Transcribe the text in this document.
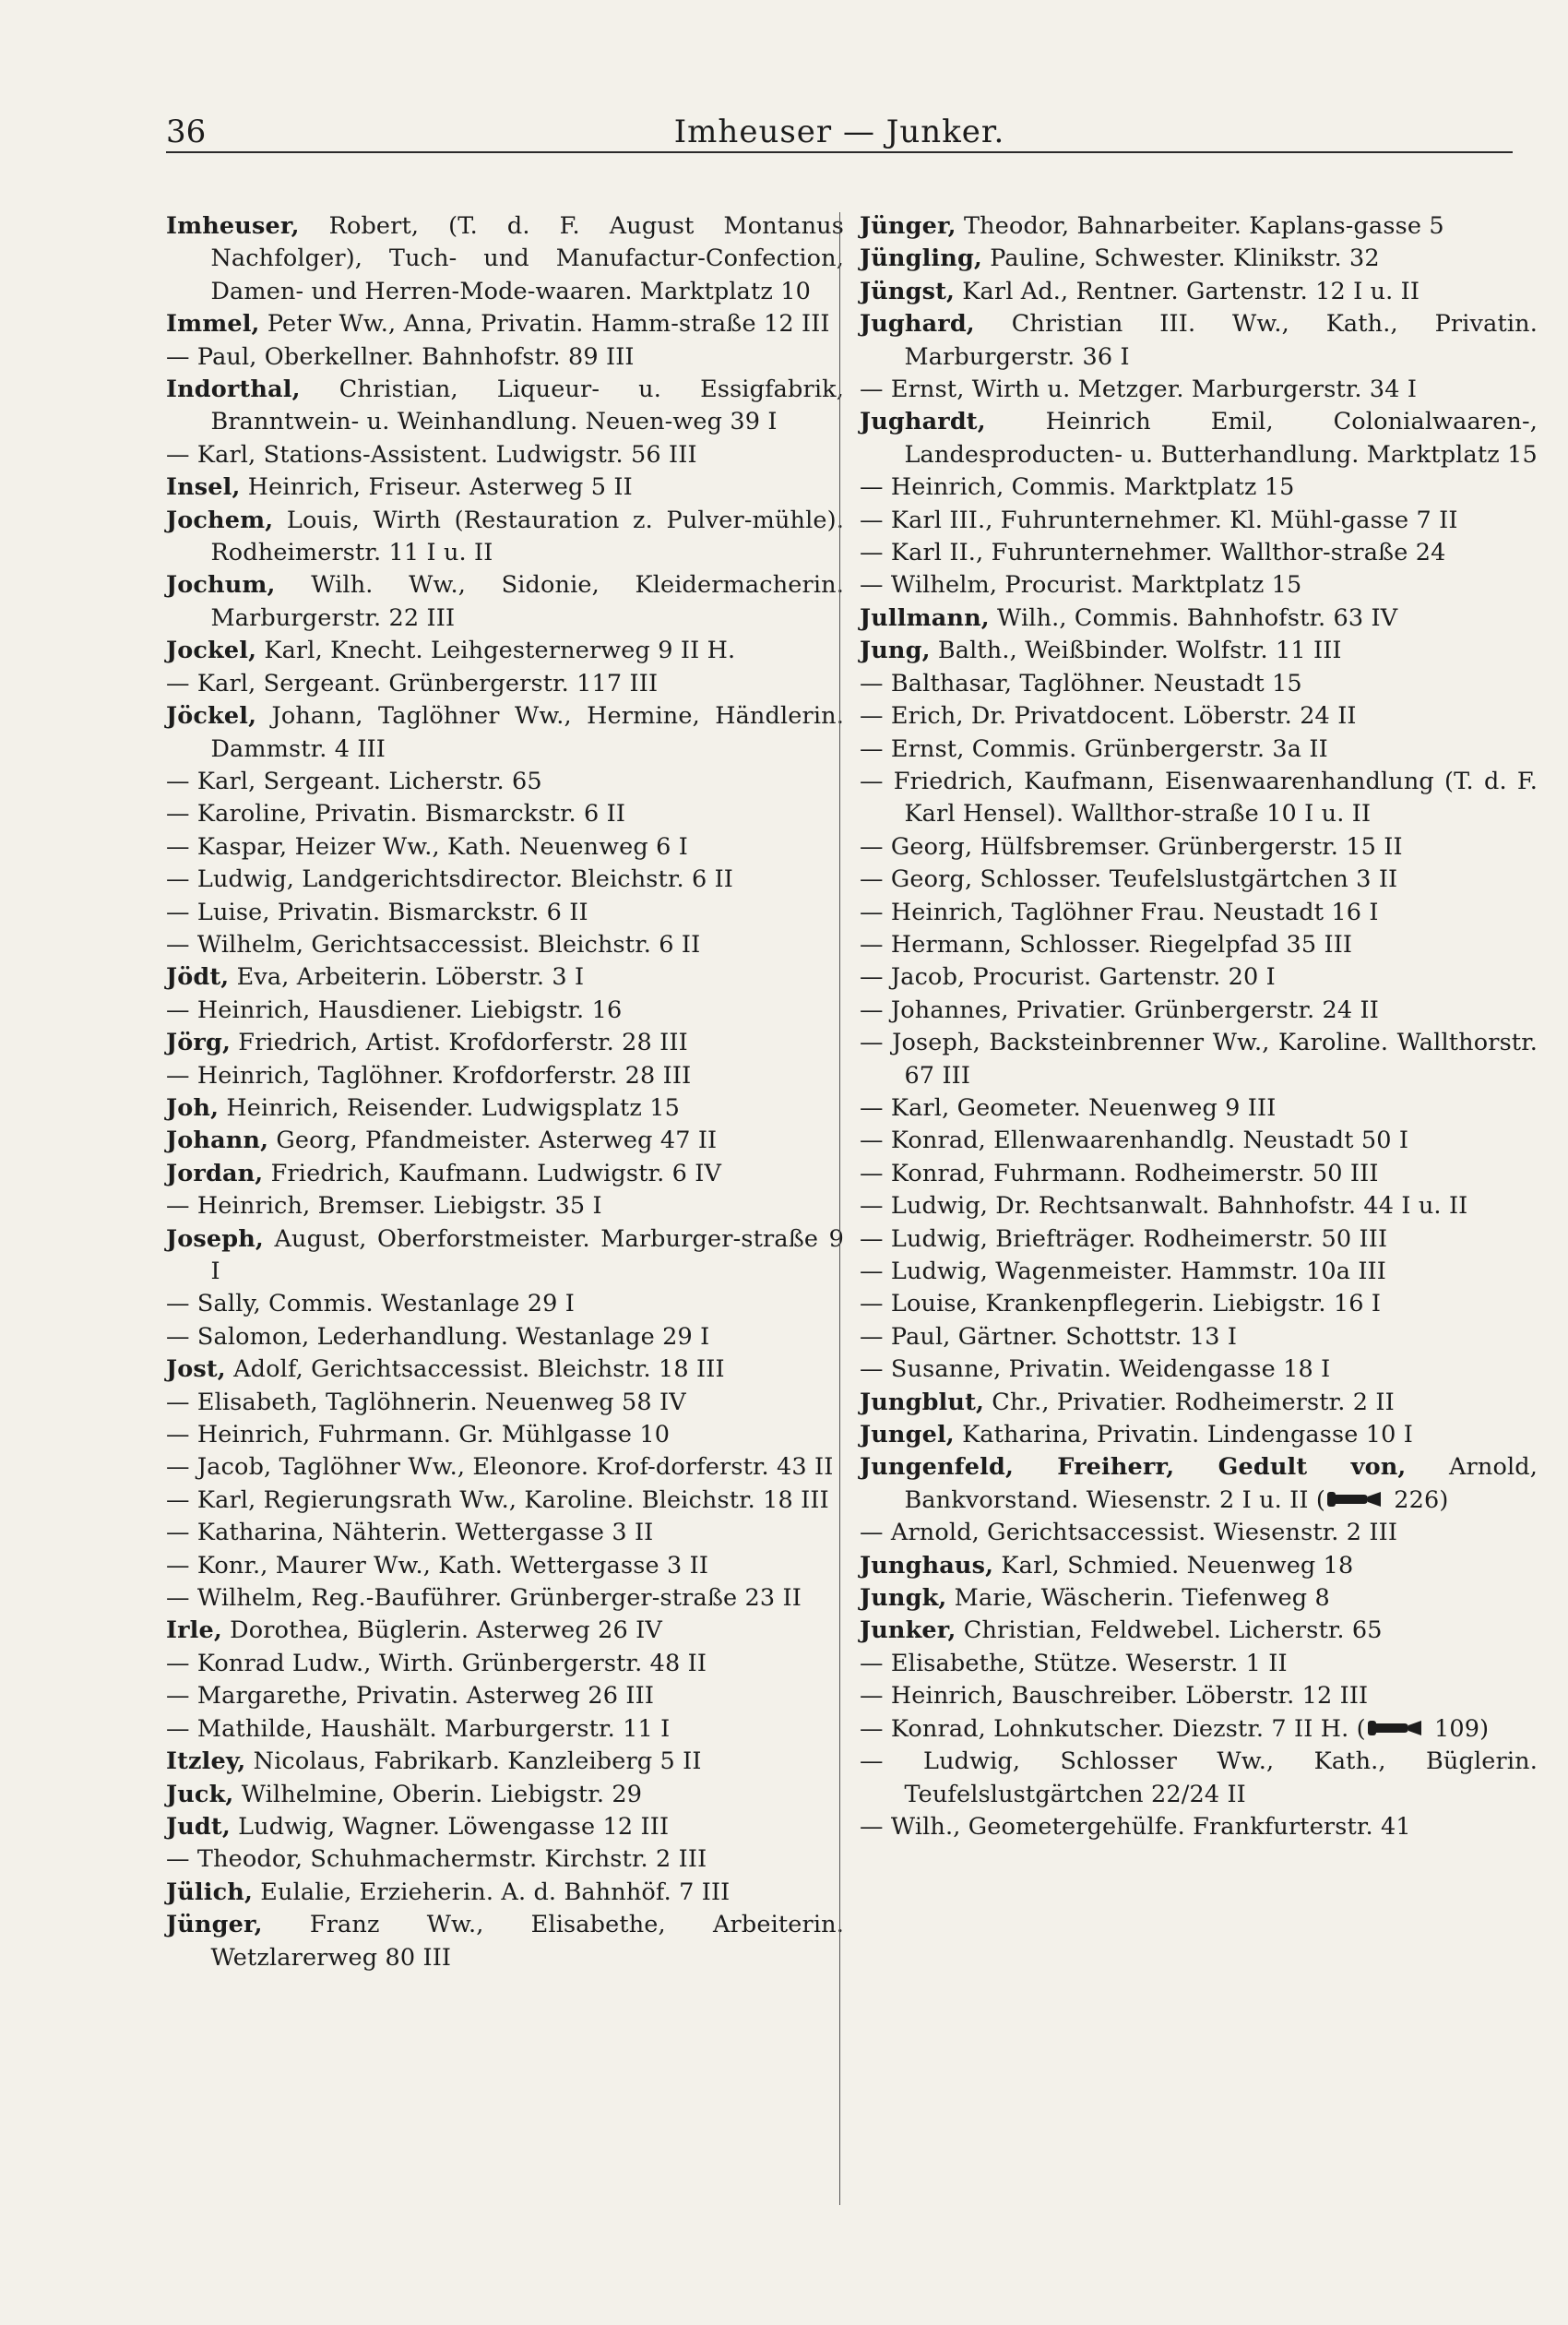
36	Imheuser — Junker.
Imheuser, Robert, (T. d. F. August Montanus Nachfolger), Tuch- und Manufactur-Confection, Damen- und Herren-Mode-waaren. Marktplatz 10
Immel, Peter Ww., Anna, Privatin. Hamm-straße 12 III
— Paul, Oberkellner. Bahnhofstr. 89 III
Indorthal, Christian, Liqueur- u. Essigfabrik, Branntwein- u. Weinhandlung. Neuen-weg 39 I
— Karl, Stations-Assistent. Ludwigstr. 56 III
Insel, Heinrich, Friseur. Asterweg 5 II
Jochem, Louis, Wirth (Restauration z. Pulver-mühle). Rodheimerstr. 11 I u. II
Jochum, Wilh. Ww., Sidonie, Kleidermacherin. Marburgerstr. 22 III
Jockel, Karl, Knecht. Leihgesternerweg 9 II H.
— Karl, Sergeant. Grünbergerstr. 117 III
Jöckel, Johann, Taglöhner Ww., Hermine, Händlerin. Dammstr. 4 III
— Karl, Sergeant. Licherstr. 65
— Karoline, Privatin. Bismarckstr. 6 II
— Kaspar, Heizer Ww., Kath. Neuenweg 6 I
— Ludwig, Landgerichtsdirector. Bleichstr. 6 II
— Luise, Privatin. Bismarckstr. 6 II
— Wilhelm, Gerichtsaccessist. Bleichstr. 6 II
Jödt, Eva, Arbeiterin. Löberstr. 3 I
— Heinrich, Hausdiener. Liebigstr. 16
Jörg, Friedrich, Artist. Krofdorferstr. 28 III
— Heinrich, Taglöhner. Krofdorferstr. 28 III
Joh, Heinrich, Reisender. Ludwigsplatz 15
Johann, Georg, Pfandmeister. Asterweg 47 II
Jordan, Friedrich, Kaufmann. Ludwigstr. 6 IV
— Heinrich, Bremser. Liebigstr. 35 I
Joseph, August, Oberforstmeister. Marburger-straße 9 I
— Sally, Commis. Westanlage 29 I
— Salomon, Lederhandlung. Westanlage 29 I
Jost, Adolf, Gerichtsaccessist. Bleichstr. 18 III
— Elisabeth, Taglöhnerin. Neuenweg 58 IV
— Heinrich, Fuhrmann. Gr. Mühlgasse 10
— Jacob, Taglöhner Ww., Eleonore. Krof-dorferstr. 43 II
— Karl, Regierungsrath Ww., Karoline. Bleichstr. 18 III
— Katharina, Nähterin. Wettergasse 3 II
— Konr., Maurer Ww., Kath. Wettergasse 3 II
— Wilhelm, Reg.-Bauführer. Grünberger-straße 23 II
Irle, Dorothea, Büglerin. Asterweg 26 IV
— Konrad Ludw., Wirth. Grünbergerstr. 48 II
— Margarethe, Privatin. Asterweg 26 III
— Mathilde, Haushält. Marburgerstr. 11 I
Itzley, Nicolaus, Fabrikarb. Kanzleiberg 5 II
Juck, Wilhelmine, Oberin. Liebigstr. 29
Judt, Ludwig, Wagner. Löwengasse 12 III
— Theodor, Schuhmachermstr. Kirchstr. 2 III
Jülich, Eulalie, Erzieherin. A. d. Bahnhöf. 7 III
Jünger, Franz Ww., Elisabethe, Arbeiterin. Wetzlarerweg 80 III
Jünger, Theodor, Bahnarbeiter. Kaplans-gasse 5
Jüngling, Pauline, Schwester. Klinikstr. 32
Jüngst, Karl Ad., Rentner. Gartenstr. 12 I u. II
Jughard, Christian III. Ww., Kath., Privatin. Marburgerstr. 36 I
— Ernst, Wirth u. Metzger. Marburgerstr. 34 I
Jughardt, Heinrich Emil, Colonialwaaren-, Landesproducten- u. Butterhandlung. Marktplatz 15
— Heinrich, Commis. Marktplatz 15
— Karl III., Fuhrunternehmer. Kl. Mühl-gasse 7 II
— Karl II., Fuhrunternehmer. Wallthor-straße 24
— Wilhelm, Procurist. Marktplatz 15
Jullmann, Wilh., Commis. Bahnhofstr. 63 IV
Jung, Balth., Weißbinder. Wolfstr. 11 III
— Balthasar, Taglöhner. Neustadt 15
— Erich, Dr. Privatdocent. Löberstr. 24 II
— Ernst, Commis. Grünbergerstr. 3a II
— Friedrich, Kaufmann, Eisenwaarenhandlung (T. d. F. Karl Hensel). Wallthor-straße 10 I u. II
— Georg, Hülfsbremser. Grünbergerstr. 15 II
— Georg, Schlosser. Teufelslustgärtchen 3 II
— Heinrich, Taglöhner Frau. Neustadt 16 I
— Hermann, Schlosser. Riegelpfad 35 III
— Jacob, Procurist. Gartenstr. 20 I
— Johannes, Privatier. Grünbergerstr. 24 II
— Joseph, Backsteinbrenner Ww., Karoline. Wallthorstr. 67 III
— Karl, Geometer. Neuenweg 9 III
— Konrad, Ellenwaarenhandlg. Neustadt 50 I
— Konrad, Fuhrmann. Rodheimerstr. 50 III
— Ludwig, Dr. Rechtsanwalt. Bahnhofstr. 44 I u. II
— Ludwig, Briefträger. Rodheimerstr. 50 III
— Ludwig, Wagenmeister. Hammstr. 10a III
— Louise, Krankenpflegerin. Liebigstr. 16 I
— Paul, Gärtner. Schottstr. 13 I
— Susanne, Privatin. Weidengasse 18 I
Jungblut, Chr., Privatier. Rodheimerstr. 2 II
Jungel, Katharina, Privatin. Lindengasse 10 I
Jungenfeld, Freiherr, Gedult von, Arnold, Bankvorstand. Wiesenstr. 2 I u. II (	226)
— Arnold, Gerichtsaccessist. Wiesenstr. 2 III
Junghaus, Karl, Schmied. Neuenweg 18
Jungk, Marie, Wäscherin. Tiefenweg 8
Junker, Christian, Feldwebel. Licherstr. 65
— Elisabethe, Stütze. Weserstr. 1 II
— Heinrich, Bauschreiber. Löberstr. 12 III
— Konrad, Lohnkutscher. Diezstr. 7 II H. (	109)
— Ludwig, Schlosser Ww., Kath., Büglerin. Teufelslustgärtchen 22/24 II
— Wilh., Geometergehülfe. Frankfurterstr. 41
